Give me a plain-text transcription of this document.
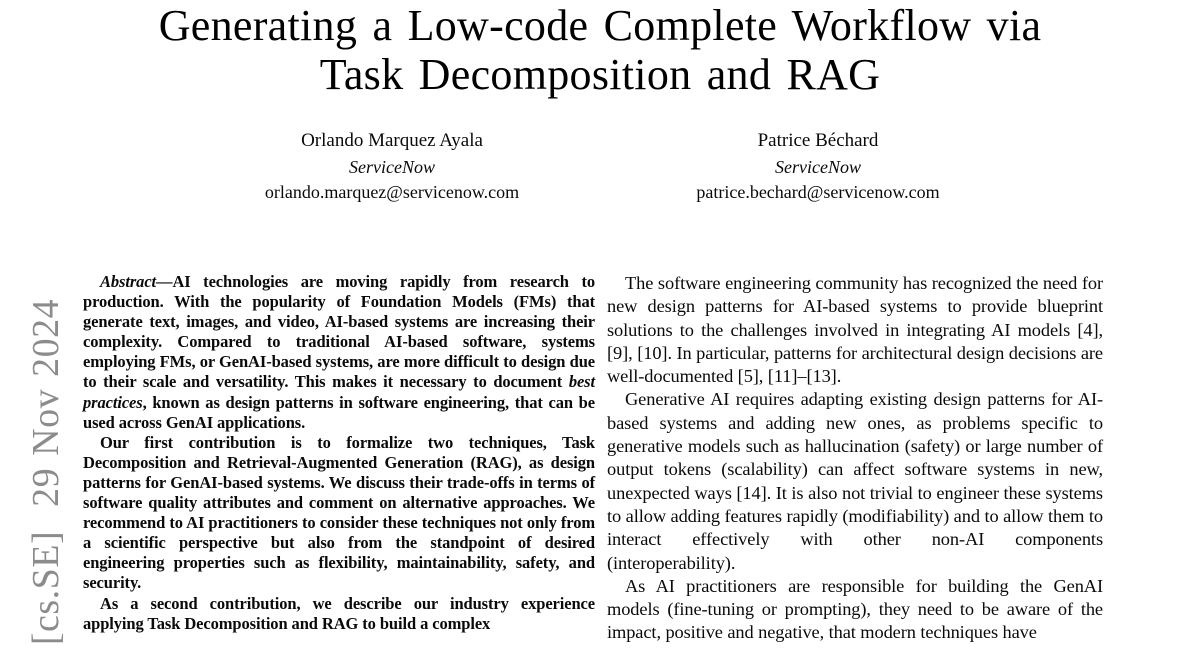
[cs.SE]  29 Nov 2024
Generating a Low-code Complete Workflow via
Task Decomposition and RAG
Orlando Marquez Ayala
ServiceNow
orlando.marquez@servicenow.com
Patrice Béchard
ServiceNow
patrice.bechard@servicenow.com

Abstract—AI technologies are moving rapidly from research to production. With the popularity of Foundation Models (FMs) that generate text, images, and video, AI-based systems are increasing their complexity. Compared to traditional AI-based software, systems employing FMs, or GenAI-based systems, are more difficult to design due to their scale and versatility. This makes it necessary to document best practices, known as design patterns in software engineering, that can be used across GenAI applications.

Our first contribution is to formalize two techniques, Task Decomposition and Retrieval-Augmented Generation (RAG), as design patterns for GenAI-based systems. We discuss their trade-offs in terms of software quality attributes and comment on alternative approaches. We recommend to AI practitioners to consider these techniques not only from a scientific perspective but also from the standpoint of desired engineering properties such as flexibility, maintainability, safety, and security.

As a second contribution, we describe our industry experience applying Task Decomposition and RAG to build a complex

The software engineering community has recognized the need for new design patterns for AI-based systems to provide blueprint solutions to the challenges involved in integrating AI models [4], [9], [10]. In particular, patterns for architectural design decisions are well-documented [5], [11]–[13].

Generative AI requires adapting existing design patterns for AI-based systems and adding new ones, as problems specific to generative models such as hallucination (safety) or large number of output tokens (scalability) can affect software systems in new, unexpected ways [14]. It is also not trivial to engineer these systems to allow adding features rapidly (modifiability) and to allow them to interact effectively with other non-AI components (interoperability).

As AI practitioners are responsible for building the GenAI models (fine-tuning or prompting), they need to be aware of the impact, positive and negative, that modern techniques have
